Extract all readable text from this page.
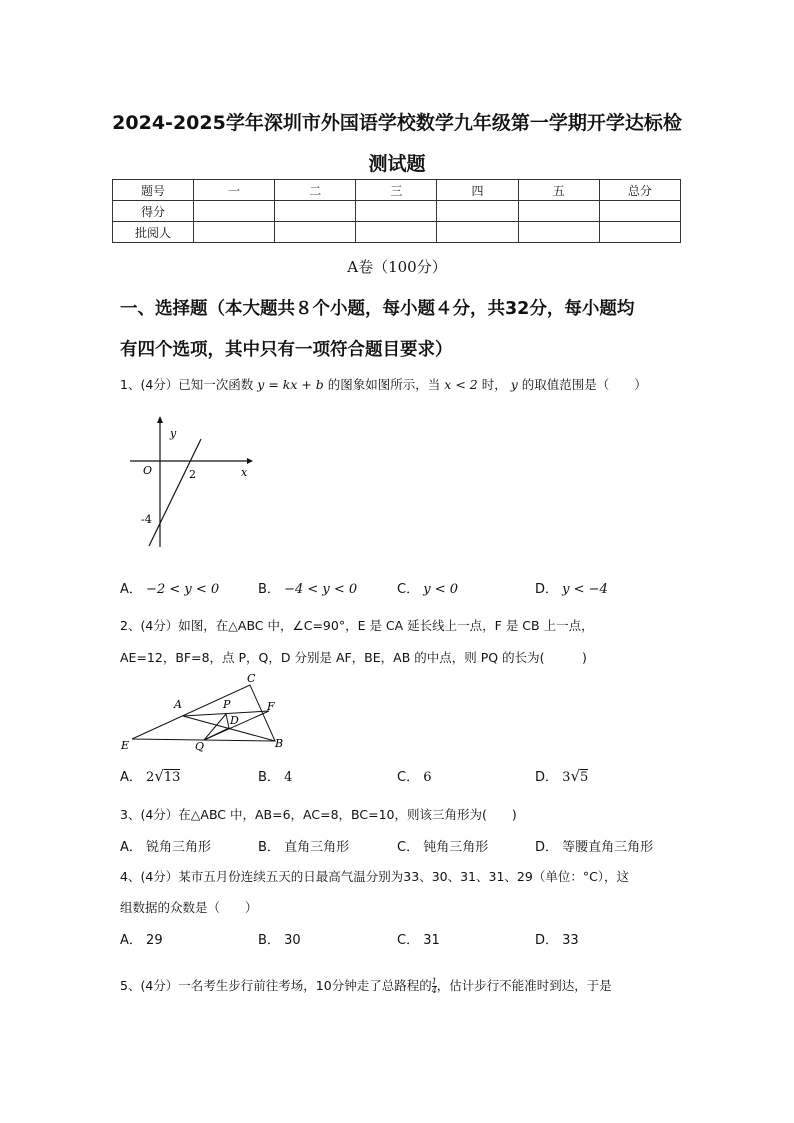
2024-2025学年深圳市外国语学校数学九年级第一学期开学达标检
测试题
题号	一	二	三	四	五	总分
得分						
批阅人						
A卷（100分）
一、选择题（本大题共８个小题，每小题４分，共32分，每小题均
有四个选项，其中只有一项符合题目要求）
1、(4分）已知一次函数 y = kx + b 的图象如图所示，当 x < 2 时， y 的取值范围是（　　）
y
x
O	2
-4
A． −2 < y < 0	B． −4 < y < 0	C． y < 0	D． y < −4
2、(4分）如图，在△ABC 中，∠C=90°，E 是 CA 延长线上一点，F 是 CB 上一点，
AE=12，BF=8，点 P，Q，D 分别是 AF，BE，AB 的中点，则 PQ 的长为(　　　)
C
A	F
P
D
E	Q	B
A． 2√13	B． 4	C． 6	D． 3√5
3、(4分）在△ABC 中，AB=6，AC=8，BC=10，则该三角形为(　　)
A． 锐角三角形	B． 直角三角形	C． 钝角三角形	D． 等腰直角三角形
4、(4分）某市五月份连续五天的日最高气温分别为33、30、31、31、29（单位：°C），这
组数据的众数是（　　）
A． 29	B． 30	C． 31	D． 33
5、(4分）一名考生步行前往考场，10分钟走了总路程的 $\frac{1}{4}$ ，估计步行不能准时到达，于是
